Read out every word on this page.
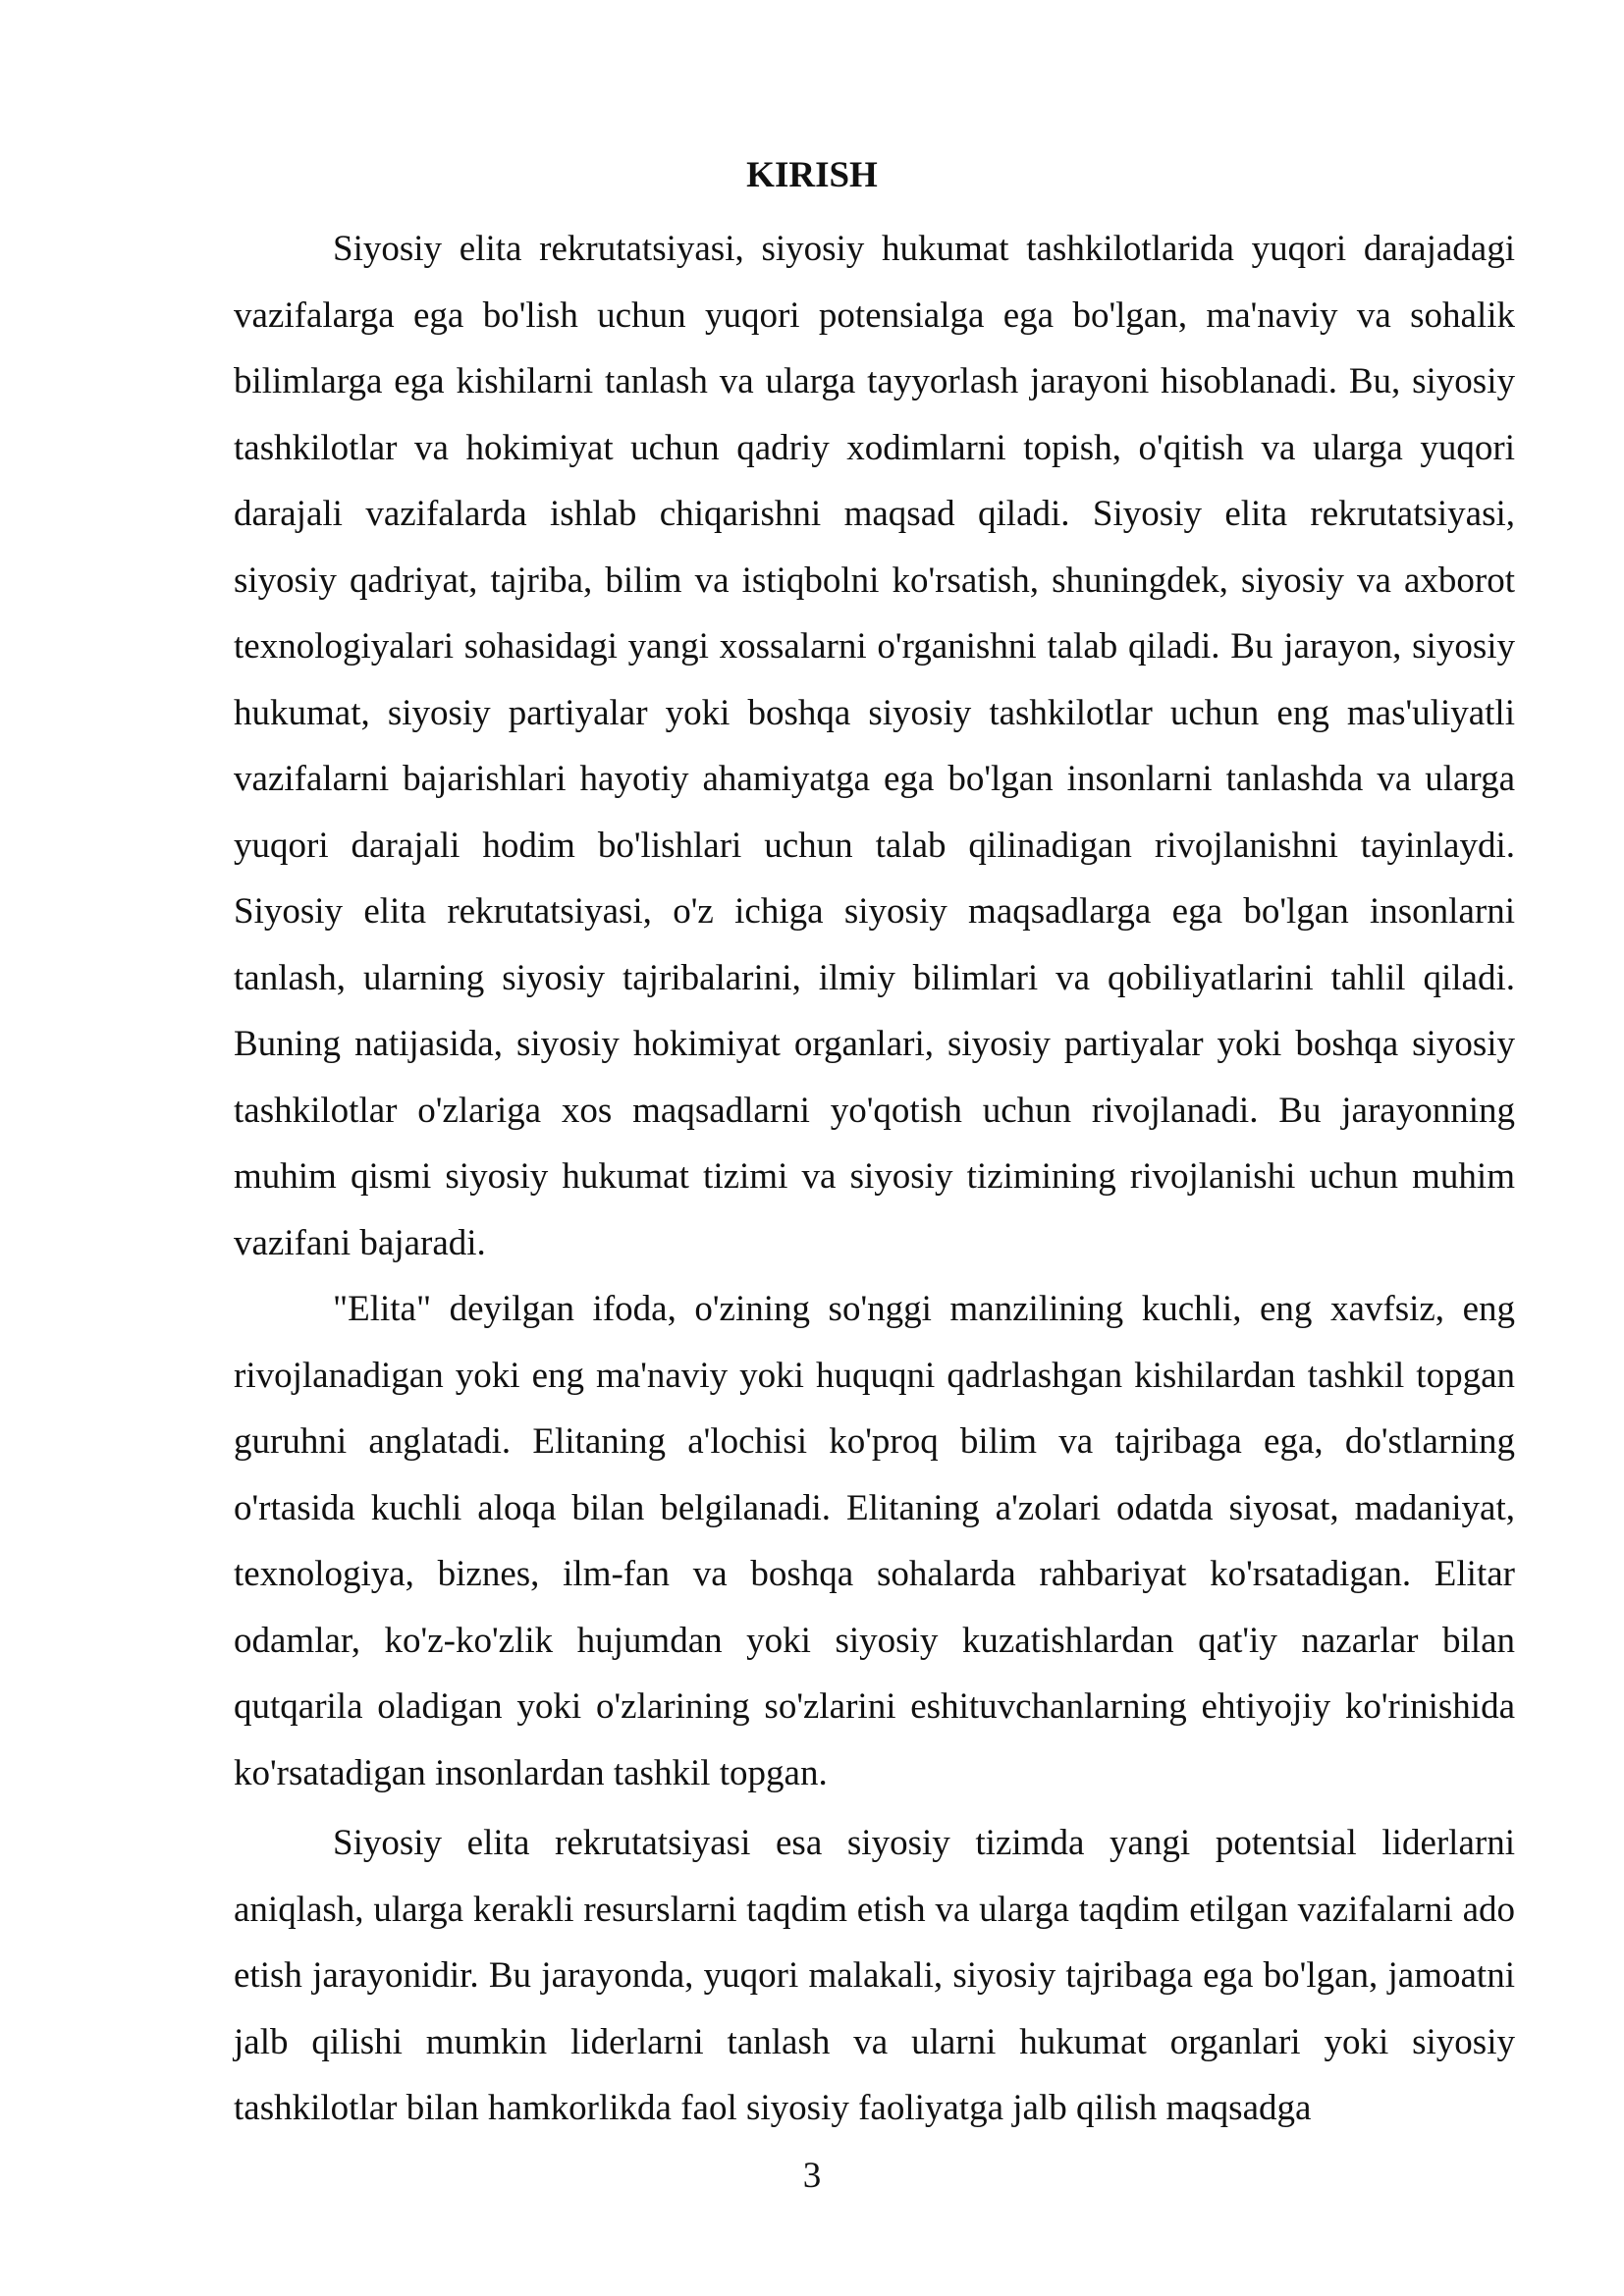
KIRISH

Siyosiy elita rekrutatsiyasi, siyosiy hukumat tashkilotlarida yuqori darajadagi vazifalarga ega bo'lish uchun yuqori potensialga ega bo'lgan, ma'naviy va sohalik bilimlarga ega kishilarni tanlash va ularga tayyorlash jarayoni hisoblanadi. Bu, siyosiy tashkilotlar va hokimiyat uchun qadriy xodimlarni topish, o'qitish va ularga yuqori darajali vazifalarda ishlab chiqarishni maqsad qiladi. Siyosiy elita rekrutatsiyasi, siyosiy qadriyat, tajriba, bilim va istiqbolni ko'rsatish, shuningdek, siyosiy va axborot texnologiyalari sohasidagi yangi xossalarni o'rganishni talab qiladi. Bu jarayon, siyosiy hukumat, siyosiy partiyalar yoki boshqa siyosiy tashkilotlar uchun eng mas'uliyatli vazifalarni bajarishlari hayotiy ahamiyatga ega bo'lgan insonlarni tanlashda va ularga yuqori darajali hodim bo'lishlari uchun talab qilinadigan rivojlanishni tayinlaydi. Siyosiy elita rekrutatsiyasi, o'z ichiga siyosiy maqsadlarga ega bo'lgan insonlarni tanlash, ularning siyosiy tajribalarini, ilmiy bilimlari va qobiliyatlarini tahlil qiladi. Buning natijasida, siyosiy hokimiyat organlari, siyosiy partiyalar yoki boshqa siyosiy tashkilotlar o'zlariga xos maqsadlarni yo'qotish uchun rivojlanadi. Bu jarayonning muhim qismi siyosiy hukumat tizimi va siyosiy tizimining rivojlanishi uchun muhim vazifani bajaradi.

"Elita" deyilgan ifoda, o'zining so'nggi manzilining kuchli, eng xavfsiz, eng rivojlanadigan yoki eng ma'naviy yoki huquqni qadrlashgan kishilardan tashkil topgan guruhni anglatadi. Elitaning a'lochisi ko'proq bilim va tajribaga ega, do'stlarning o'rtasida kuchli aloqa bilan belgilanadi. Elitaning a'zolari odatda siyosat, madaniyat, texnologiya, biznes, ilm-fan va boshqa sohalarda rahbariyat ko'rsatadigan. Elitar odamlar, ko'z-ko'zlik hujumdan yoki siyosiy kuzatishlardan qat'iy nazarlar bilan qutqarila oladigan yoki o'zlarining so'zlarini eshituvchanlarning ehtiyojiy ko'rinishida ko'rsatadigan insonlardan tashkil topgan.

Siyosiy elita rekrutatsiyasi esa siyosiy tizimda yangi potentsial liderlarni aniqlash, ularga kerakli resurslarni taqdim etish va ularga taqdim etilgan vazifalarni ado etish jarayonidir. Bu jarayonda, yuqori malakali, siyosiy tajribaga ega bo'lgan, jamoatni jalb qilishi mumkin liderlarni tanlash va ularni hukumat organlari yoki siyosiy tashkilotlar bilan hamkorlikda faol siyosiy faoliyatga jalb qilish maqsadga

3
